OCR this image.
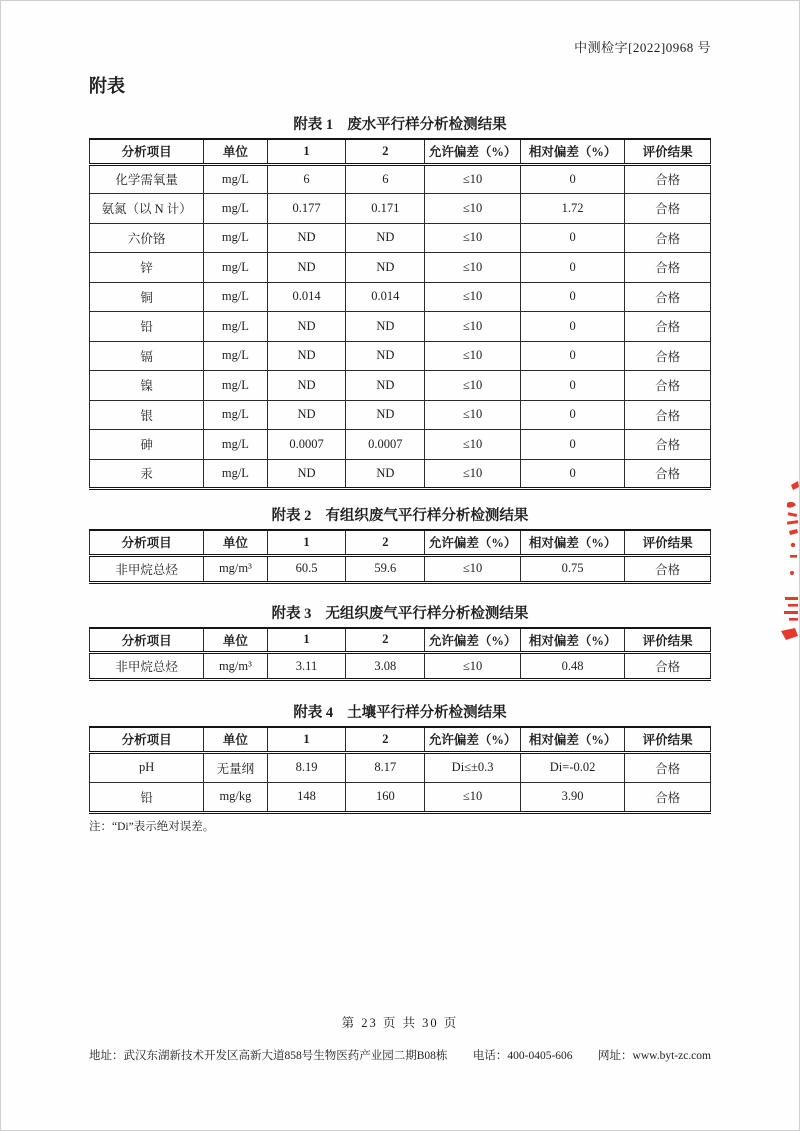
中测检字[2022]0968 号
附表
附表 1 废水平行样分析检测结果
分析项目	单位	1	2	允许偏差（%）	相对偏差（%）	评价结果
化学需氧量	mg/L	6	6	≤10	0	合格
氨氮（以 N 计）	mg/L	0.177	0.171	≤10	1.72	合格
六价铬	mg/L	ND	ND	≤10	0	合格
锌	mg/L	ND	ND	≤10	0	合格
铜	mg/L	0.014	0.014	≤10	0	合格
铅	mg/L	ND	ND	≤10	0	合格
镉	mg/L	ND	ND	≤10	0	合格
镍	mg/L	ND	ND	≤10	0	合格
银	mg/L	ND	ND	≤10	0	合格
砷	mg/L	0.0007	0.0007	≤10	0	合格
汞	mg/L	ND	ND	≤10	0	合格
附表 2 有组织废气平行样分析检测结果
分析项目	单位	1	2	允许偏差（%）	相对偏差（%）	评价结果
非甲烷总烃	mg/m³	60.5	59.6	≤10	0.75	合格
附表 3 无组织废气平行样分析检测结果
分析项目	单位	1	2	允许偏差（%）	相对偏差（%）	评价结果
非甲烷总烃	mg/m³	3.11	3.08	≤10	0.48	合格
附表 4 土壤平行样分析检测结果
分析项目	单位	1	2	允许偏差（%）	相对偏差（%）	评价结果
pH	无量纲	8.19	8.17	Di≤±0.3	Di=-0.02	合格
铅	mg/kg	148	160	≤10	3.90	合格
注：“Di”表示绝对误差。
第 23 页 共 30 页
地址：武汉东湖新技术开发区高新大道858号生物医药产业园二期B08栋 电话：400-0405-606 网址：www.byt-zc.com
